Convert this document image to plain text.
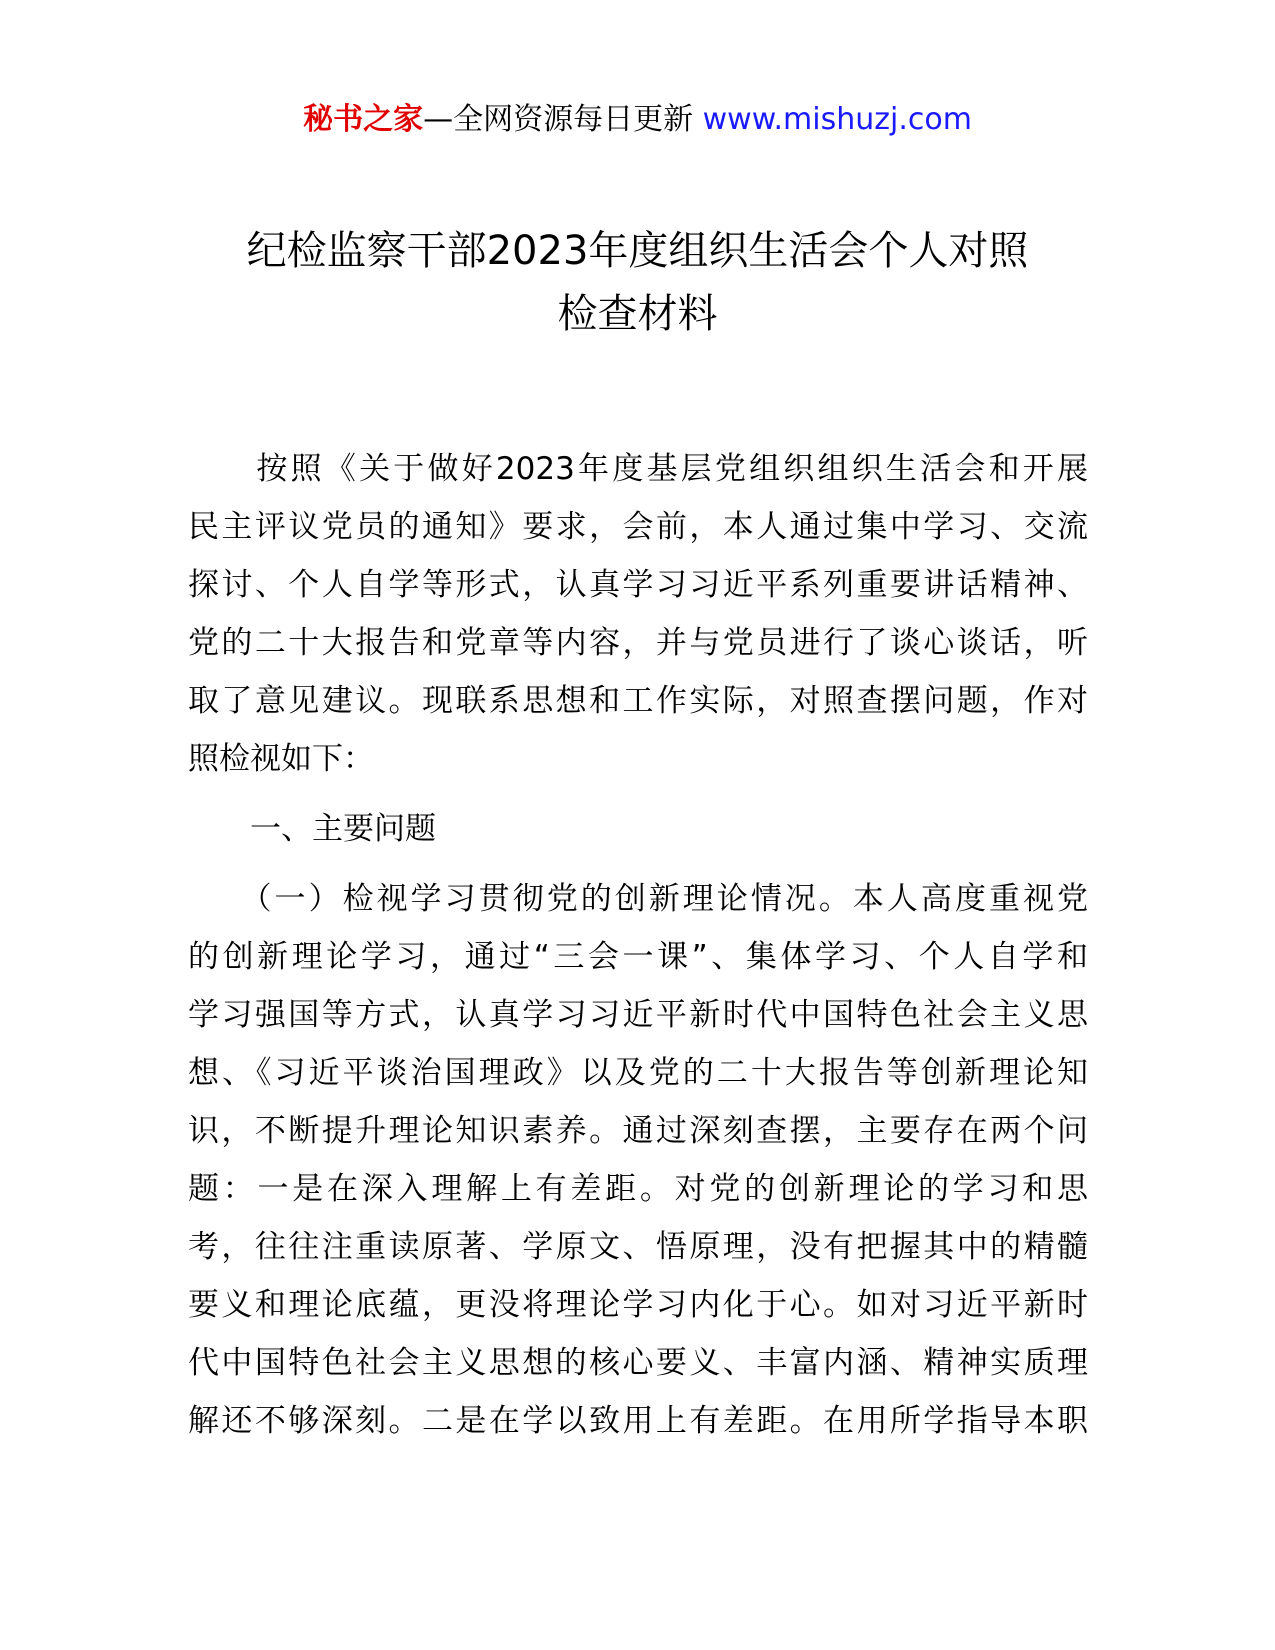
秘书之家—全网资源每日更新 www.mishuzj.com
纪检监察干部2023年度组织生活会个人对照
检查材料
　　按照《关于做好2023年度基层党组织组织生活会和开展
民主评议党员的通知》要求，会前，本人通过集中学习、交流
探讨、个人自学等形式，认真学习习近平系列重要讲话精神、
党的二十大报告和党章等内容，并与党员进行了谈心谈话，听
取了意见建议。现联系思想和工作实际，对照查摆问题，作对
照检视如下：
　　一、主要问题
　　（一）检视学习贯彻党的创新理论情况。本人高度重视党
的创新理论学习，通过“三会一课”、集体学习、个人自学和
学习强国等方式，认真学习习近平新时代中国特色社会主义思
想、《习近平谈治国理政》以及党的二十大报告等创新理论知
识，不断提升理论知识素养。通过深刻查摆，主要存在两个问
题：一是在深入理解上有差距。对党的创新理论的学习和思
考，往往注重读原著、学原文、悟原理，没有把握其中的精髓
要义和理论底蕴，更没将理论学习内化于心。如对习近平新时
代中国特色社会主义思想的核心要义、丰富内涵、精神实质理
解还不够深刻。二是在学以致用上有差距。在用所学指导本职
